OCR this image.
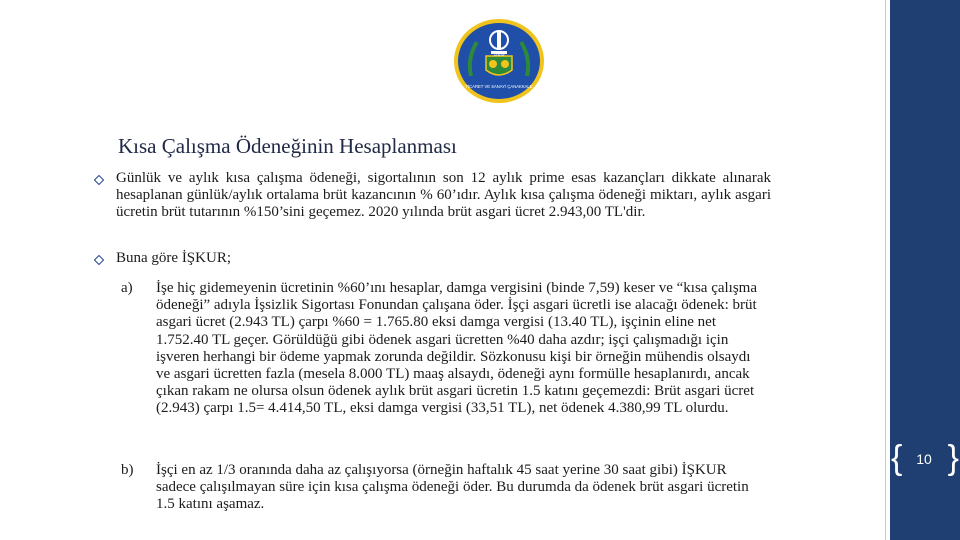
1889
TİCARET VE SANAYİ ÇANAKKALE
Kısa Çalışma Ödeneğinin Hesaplanması
Günlük ve aylık kısa çalışma ödeneği, sigortalının son 12 aylık prime esas kazançları dikkate alınarak hesaplanan günlük/aylık ortalama brüt kazancının % 60’ıdır. Aylık kısa çalışma ödeneği miktarı, aylık asgari ücretin brüt tutarının %150’sini geçemez. 2020 yılında brüt asgari ücret 2.943,00 TL'dir.
Buna göre İŞKUR;
a) İşe hiç gidemeyenin ücretinin %60’ını hesaplar, damga vergisini (binde 7,59) keser ve “kısa çalışma ödeneği” adıyla İşsizlik Sigortası Fonundan çalışana öder. İşçi asgari ücretli ise alacağı ödenek: brüt asgari ücret (2.943 TL) çarpı %60 = 1.765.80 eksi damga vergisi (13.40 TL), işçinin eline net 1.752.40 TL geçer. Görüldüğü gibi ödenek asgari ücretten %40 daha azdır; işçi çalışmadığı için işveren herhangi bir ödeme yapmak zorunda değildir. Sözkonusu kişi bir örneğin mühendis olsaydı ve asgari ücretten fazla (mesela 8.000 TL) maaş alsaydı, ödeneği aynı formülle hesaplanırdı, ancak çıkan rakam ne olursa olsun ödenek aylık brüt asgari ücretin 1.5 katını geçemezdi: Brüt asgari ücret (2.943) çarpı 1.5= 4.414,50 TL, eksi damga vergisi (33,51 TL), net ödenek 4.380,99 TL olurdu.
b) İşçi en az 1/3 oranında daha az çalışıyorsa (örneğin haftalık 45 saat yerine 30 saat gibi) İŞKUR sadece çalışılmayan süre için kısa çalışma ödeneği öder. Bu durumda da ödenek brüt asgari ücretin 1.5 katını aşamaz.
{ 10 }
